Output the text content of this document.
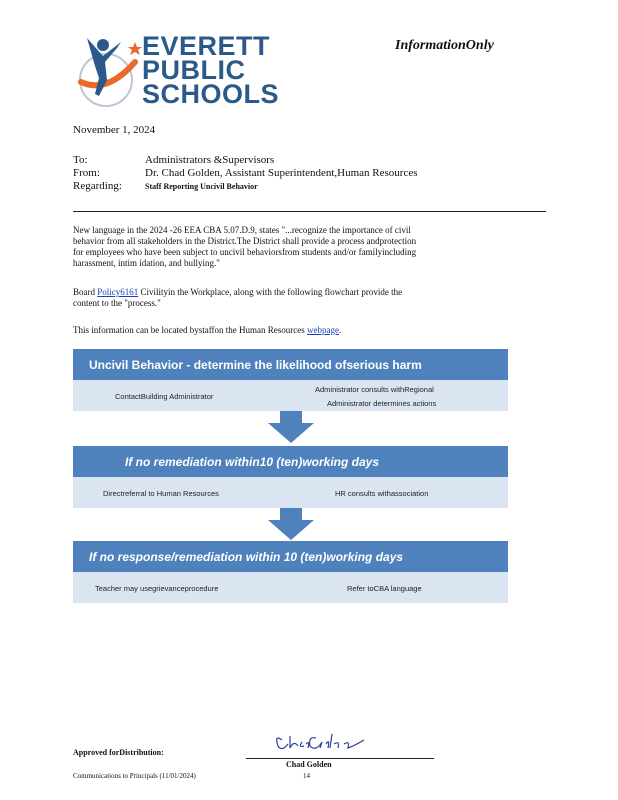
EVERETT
PUBLIC
SCHOOLS
InformationOnly
November 1, 2024
To:	Administrators &Supervisors
From:	Dr. Chad Golden, Assistant Superintendent,Human Resources
Regarding:	Staff Reporting Uncivil Behavior
New language in the 2024 -26 EEA CBA 5.07.D.9, states "...recognize the importance of civil
behavior from all stakeholders in the District.The District shall provide a process andprotection
for employees who have been subject to uncivil behaviorsfrom students and/or familyincluding
harassment, intim idation, and bullying."
Board Policy6161 Civilityin the Workplace, along with the following flowchart provide the
content to the "process."
This information can be located bystaffon the Human Resources webpage.
Uncivil Behavior - determine the likelihood ofserious harm
ContactBuilding Administrator
Administrator consults withRegional
Administrator determines actions
If no remediation within10 (ten)working days
Directreferral to Human Resources	HR consults withassociation
If no response/remediation within 10 (ten)working days
Teacher may usegrievanceprocedure	Refer toCBA language
Approved forDistribution:
Chad Golden
Communications to Principals (11/01/2024)	14
